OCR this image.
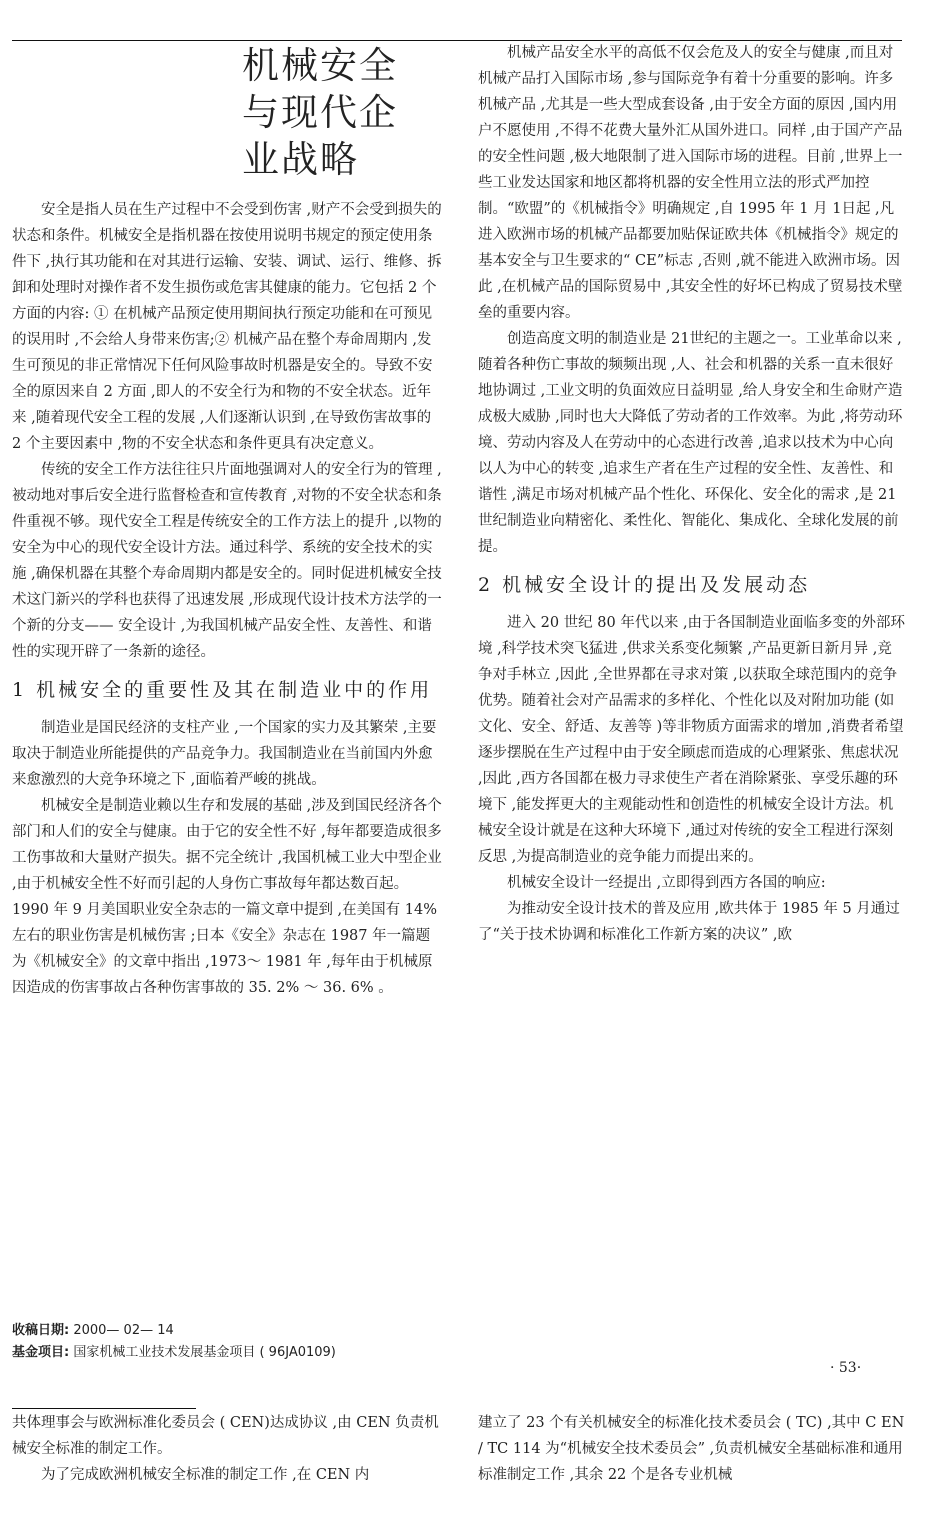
机械安全
与现代企
业战略

安全是指人员在生产过程中不会受到伤害 ,财产不会受到损失的状态和条件。机械安全是指机器在按使用说明书规定的预定使用条件下 ,执行其功能和在对其进行运输、安装、调试、运行、维修、拆卸和处理时对操作者不发生损伤或危害其健康的能力。它包括 2 个方面的内容: ① 在机械产品预定使用期间执行预定功能和在可预见的误用时 ,不会给人身带来伤害;② 机械产品在整个寿命周期内 ,发生可预见的非正常情况下任何风险事故时机器是安全的。导致不安全的原因来自 2 方面 ,即人的不安全行为和物的不安全状态。近年来 ,随着现代安全工程的发展 ,人们逐渐认识到 ,在导致伤害故事的 2 个主要因素中 ,物的不安全状态和条件更具有决定意义。

传统的安全工作方法往往只片面地强调对人的安全行为的管理 ,被动地对事后安全进行监督检查和宣传教育 ,对物的不安全状态和条件重视不够。现代安全工程是传统安全的工作方法上的提升 ,以物的安全为中心的现代安全设计方法。通过科学、系统的安全技术的实施 ,确保机器在其整个寿命周期内都是安全的。同时促进机械安全技术这门新兴的学科也获得了迅速发展 ,形成现代设计技术方法学的一个新的分支—— 安全设计 ,为我国机械产品安全性、友善性、和谐性的实现开辟了一条新的途径。

1 机械安全的重要性及其在制造业中的作用

制造业是国民经济的支柱产业 ,一个国家的实力及其繁荣 ,主要取决于制造业所能提供的产品竞争力。我国制造业在当前国内外愈来愈激烈的大竞争环境之下 ,面临着严峻的挑战。

机械安全是制造业赖以生存和发展的基础 ,涉及到国民经济各个部门和人们的安全与健康。由于它的安全性不好 ,每年都要造成很多工伤事故和大量财产损失。据不完全统计 ,我国机械工业大中型企业 ,由于机械安全性不好而引起的人身伤亡事故每年都达数百起。1990 年 9 月美国职业安全杂志的一篇文章中提到 ,在美国有 14% 左右的职业伤害是机械伤害 ;日本《安全》杂志在 1987 年一篇题为《机械安全》的文章中指出 ,1973～ 1981 年 ,每年由于机械原因造成的伤害事故占各种伤害事故的 35. 2% ～ 36. 6% 。

机械产品安全水平的高低不仅会危及人的安全与健康 ,而且对机械产品打入国际市场 ,参与国际竞争有着十分重要的影响。许多机械产品 ,尤其是一些大型成套设备 ,由于安全方面的原因 ,国内用户不愿使用 ,不得不花费大量外汇从国外进口。同样 ,由于国产产品的安全性问题 ,极大地限制了进入国际市场的进程。目前 ,世界上一些工业发达国家和地区都将机器的安全性用立法的形式严加控制。“欧盟”的《机械指令》明确规定 ,自 1995 年 1 月 1日起 ,凡进入欧洲市场的机械产品都要加贴保证欧共体《机械指令》规定的基本安全与卫生要求的“ CE”标志 ,否则 ,就不能进入欧洲市场。因此 ,在机械产品的国际贸易中 ,其安全性的好坏已构成了贸易技术壁垒的重要内容。

创造高度文明的制造业是 21世纪的主题之一。工业革命以来 ,随着各种伤亡事故的频频出现 ,人、社会和机器的关系一直未很好地协调过 ,工业文明的负面效应日益明显 ,给人身安全和生命财产造成极大威胁 ,同时也大大降低了劳动者的工作效率。为此 ,将劳动环境、劳动内容及人在劳动中的心态进行改善 ,追求以技术为中心向以人为中心的转变 ,追求生产者在生产过程的安全性、友善性、和谐性 ,满足市场对机械产品个性化、环保化、安全化的需求 ,是 21 世纪制造业向精密化、柔性化、智能化、集成化、全球化发展的前提。

2 机械安全设计的提出及发展动态

进入 20 世纪 80 年代以来 ,由于各国制造业面临多变的外部环境 ,科学技术突飞猛进 ,供求关系变化频繁 ,产品更新日新月异 ,竞争对手林立 ,因此 ,全世界都在寻求对策 ,以获取全球范围内的竞争优势。随着社会对产品需求的多样化、个性化以及对附加功能 (如文化、安全、舒适、友善等 )等非物质方面需求的增加 ,消费者希望逐步摆脱在生产过程中由于安全顾虑而造成的心理紧张、焦虑状况 ,因此 ,西方各国都在极力寻求使生产者在消除紧张、享受乐趣的环境下 ,能发挥更大的主观能动性和创造性的机械安全设计方法。机械安全设计就是在这种大环境下 ,通过对传统的安全工程进行深刻反思 ,为提高制造业的竞争能力而提出来的。

机械安全设计一经提出 ,立即得到西方各国的响应:

为推动安全设计技术的普及应用 ,欧共体于 1985 年 5 月通过了“关于技术协调和标准化工作新方案的决议” ,欧

收稿日期: 2000— 02— 14
基金项目: 国家机械工业技术发展基金项目 ( 96JA0109)
· 53·

共体理事会与欧洲标准化委员会 ( CEN)达成协议 ,由 CEN 负责机械安全标准的制定工作。

为了完成欧洲机械安全标准的制定工作 ,在 CEN 内

建立了 23 个有关机械安全的标准化技术委员会 ( TC) ,其中 C EN / TC 114 为“机械安全技术委员会” ,负责机械安全基础标准和通用标准制定工作 ,其余 22 个是各专业机械
